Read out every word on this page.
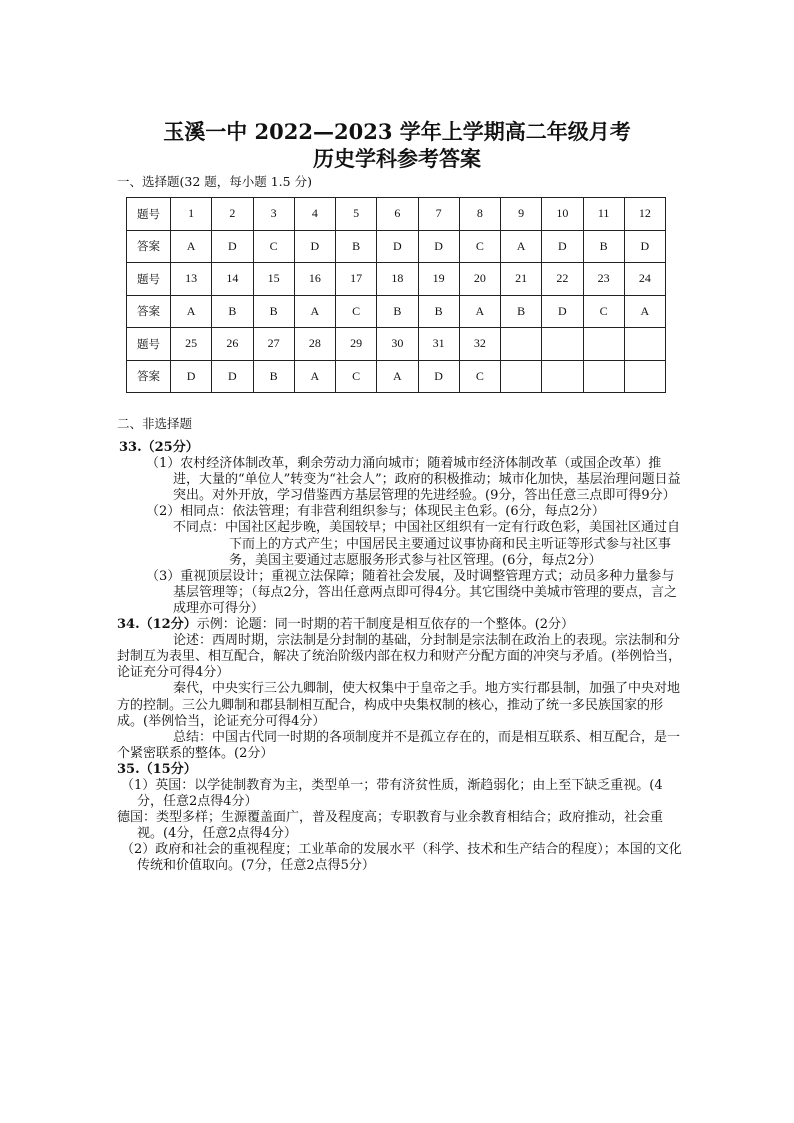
玉溪一中 2022—2023 学年上学期高二年级月考
历史学科参考答案
一、选择题(32 题，每小题 1.5 分)
题号	1	2	3	4	5	6	7	8	9	10	11	12
答案	A	D	C	D	B	D	D	C	A	D	B	D
题号	13	14	15	16	17	18	19	20	21	22	23	24
答案	A	B	B	A	C	B	B	A	B	D	C	A
题号	25	26	27	28	29	30	31	32				
答案	D	D	B	A	C	A	D	C				
二、非选择题

33.（25分）

（1）农村经济体制改革，剩余劳动力涌向城市；随着城市经济体制改革（或国企改革）推进，大量的“单位人”转变为“社会人”；政府的积极推动；城市化加快，基层治理问题日益突出。对外开放，学习借鉴西方基层管理的先进经验。(9分，答出任意三点即可得9分）

（2）相同点：依法管理；有非营利组织参与；体现民主色彩。(6分，每点2分）

不同点：中国社区起步晚，美国较早；中国社区组织有一定有行政色彩，美国社区通过自下而上的方式产生；中国居民主要通过议事协商和民主听证等形式参与社区事务，美国主要通过志愿服务形式参与社区管理。(6分，每点2分）

（3）重视顶层设计；重视立法保障；随着社会发展，及时调整管理方式；动员多种力量参与基层管理等；（每点2分，答出任意两点即可得4分。其它围绕中美城市管理的要点，言之成理亦可得分）

34.（12分）示例：论题：同一时期的若干制度是相互依存的一个整体。(2分）

论述：西周时期，宗法制是分封制的基础，分封制是宗法制在政治上的表现。宗法制和分封制互为表里、相互配合，解决了统治阶级内部在权力和财产分配方面的冲突与矛盾。(举例恰当，论证充分可得4分）

秦代，中央实行三公九卿制，使大权集中于皇帝之手。地方实行郡县制，加强了中央对地方的控制。三公九卿制和郡县制相互配合，构成中央集权制的核心，推动了统一多民族国家的形成。(举例恰当，论证充分可得4分）

总结：中国古代同一时期的各项制度并不是孤立存在的，而是相互联系、相互配合，是一个紧密联系的整体。(2分）

35.（15分）

（1）英国：以学徒制教育为主，类型单一；带有济贫性质，渐趋弱化；由上至下缺乏重视。(4分，任意2点得4分）

德国：类型多样；生源覆盖面广，普及程度高；专职教育与业余教育相结合；政府推动，社会重视。(4分，任意2点得4分）

（2）政府和社会的重视程度；工业革命的发展水平（科学、技术和生产结合的程度）；本国的文化传统和价值取向。(7分，任意2点得5分）
